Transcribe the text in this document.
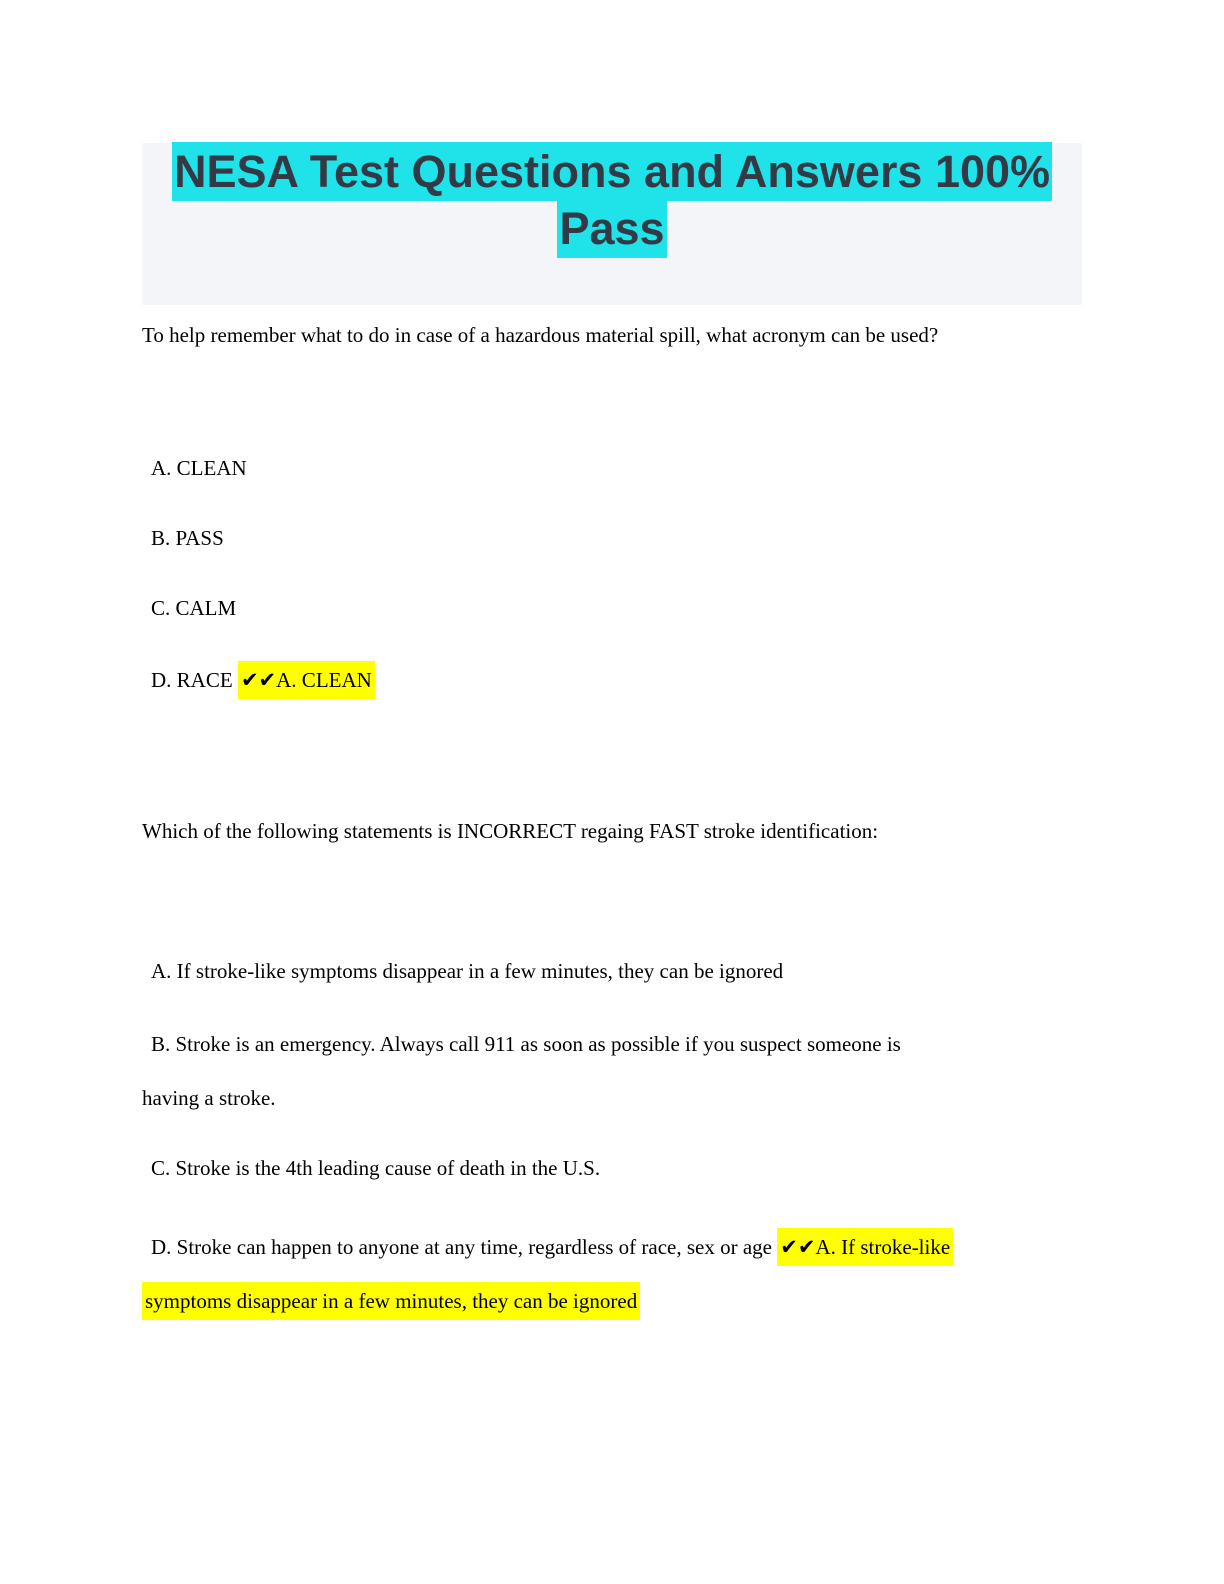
NESA Test Questions and Answers 100%
Pass

To help remember what to do in case of a hazardous material spill, what acronym can be used?

A. CLEAN

B. PASS

C. CALM

D. RACE ✔✔A. CLEAN

Which of the following statements is INCORRECT regaing FAST stroke identification:

A. If stroke-like symptoms disappear in a few minutes, they can be ignored

B. Stroke is an emergency. Always call 911 as soon as possible if you suspect someone is
having a stroke.

C. Stroke is the 4th leading cause of death in the U.S.

D. Stroke can happen to anyone at any time, regardless of race, sex or age ✔✔A. If stroke-like
symptoms disappear in a few minutes, they can be ignored
